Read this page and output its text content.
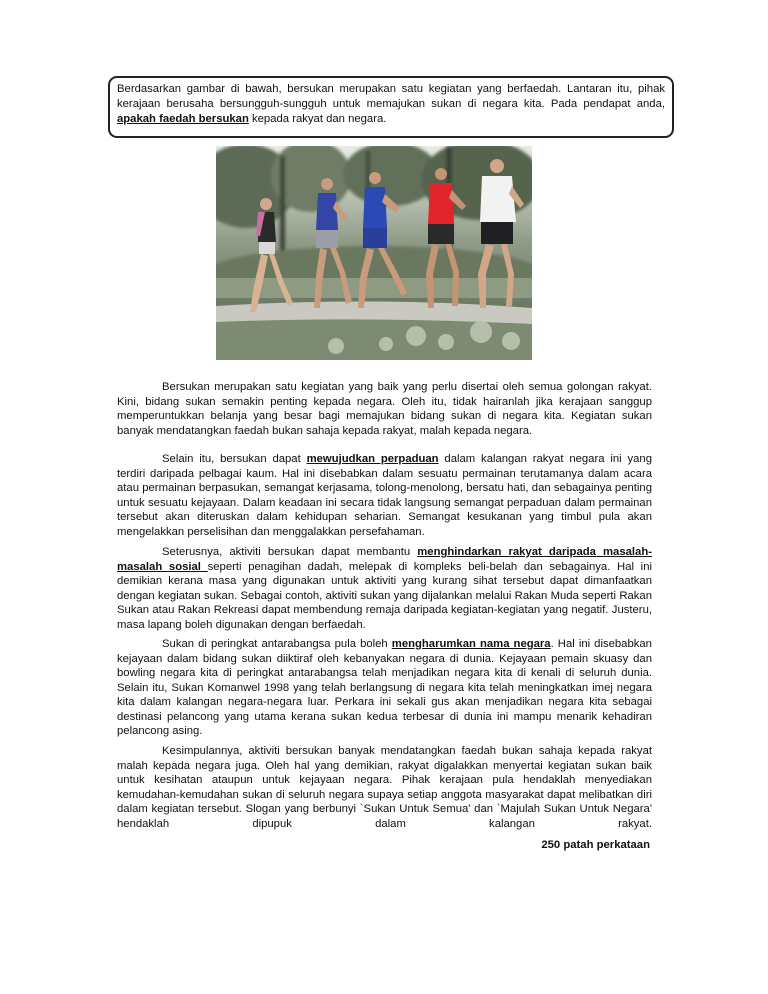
Berdasarkan gambar di bawah, bersukan merupakan satu kegiatan yang berfaedah. Lantaran itu, pihak kerajaan berusaha bersungguh-sungguh untuk memajukan sukan di negara kita. Pada pendapat anda, apakah faedah bersukan kepada rakyat dan negara.

Bersukan merupakan satu kegiatan yang baik yang perlu disertai oleh semua golongan rakyat. Kini, bidang sukan semakin penting kepada negara. Oleh itu, tidak hairanlah jika kerajaan sanggup memperuntukkan belanja yang besar bagi memajukan bidang sukan di negara kita. Kegiatan sukan banyak mendatangkan faedah bukan sahaja kepada rakyat, malah kepada negara.

Selain itu, bersukan dapat mewujudkan perpaduan dalam kalangan rakyat negara ini yang terdiri daripada pelbagai kaum. Hal ini disebabkan dalam sesuatu permainan terutamanya dalam acara atau permainan berpasukan, semangat kerjasama, tolong-menolong, bersatu hati, dan sebagainya penting untuk sesuatu kejayaan. Dalam keadaan ini secara tidak langsung semangat perpaduan dalam permainan tersebut akan diteruskan dalam kehidupan seharian. Semangat kesukanan yang timbul pula akan mengelakkan perselisihan dan menggalakkan persefahaman.

Seterusnya, aktiviti bersukan dapat membantu menghindarkan rakyat daripada masalah-masalah sosial seperti penagihan dadah, melepak di kompleks beli-belah dan sebagainya. Hal ini demikian kerana masa yang digunakan untuk aktiviti yang kurang sihat tersebut dapat dimanfaatkan dengan kegiatan sukan. Sebagai contoh, aktiviti sukan yang dijalankan melalui Rakan Muda seperti Rakan Sukan atau Rakan Rekreasi dapat membendung remaja daripada kegiatan-kegiatan yang negatif. Justeru, masa lapang boleh digunakan dengan berfaedah.

Sukan di peringkat antarabangsa pula boleh mengharumkan nama negara. Hal ini disebabkan kejayaan dalam bidang sukan diiktiraf oleh kebanyakan negara di dunia. Kejayaan pemain skuasy dan bowling negara kita di peringkat antarabangsa telah menjadikan negara kita di kenali di seluruh dunia. Selain itu, Sukan Komanwel 1998 yang telah berlangsung di negara kita telah meningkatkan imej negara kita dalam kalangan negara-negara luar. Perkara ini sekali gus akan menjadikan negara kita sebagai destinasi pelancong yang utama kerana sukan kedua terbesar di dunia ini mampu menarik kehadiran pelancong asing.

Kesimpulannya, aktiviti bersukan banyak mendatangkan faedah bukan sahaja kepada rakyat malah kepada negara juga. Oleh hal yang demikian, rakyat digalakkan menyertai kegiatan sukan baik untuk kesihatan ataupun untuk kejayaan negara. Pihak kerajaan pula hendaklah menyediakan kemudahan-kemudahan sukan di seluruh negara supaya setiap anggota masyarakat dapat melibatkan diri dalam kegiatan tersebut. Slogan yang berbunyi `Sukan Untuk Semua' dan `Majulah Sukan Untuk Negara' hendaklah dipupuk dalam kalangan rakyat.

250 patah perkataan
